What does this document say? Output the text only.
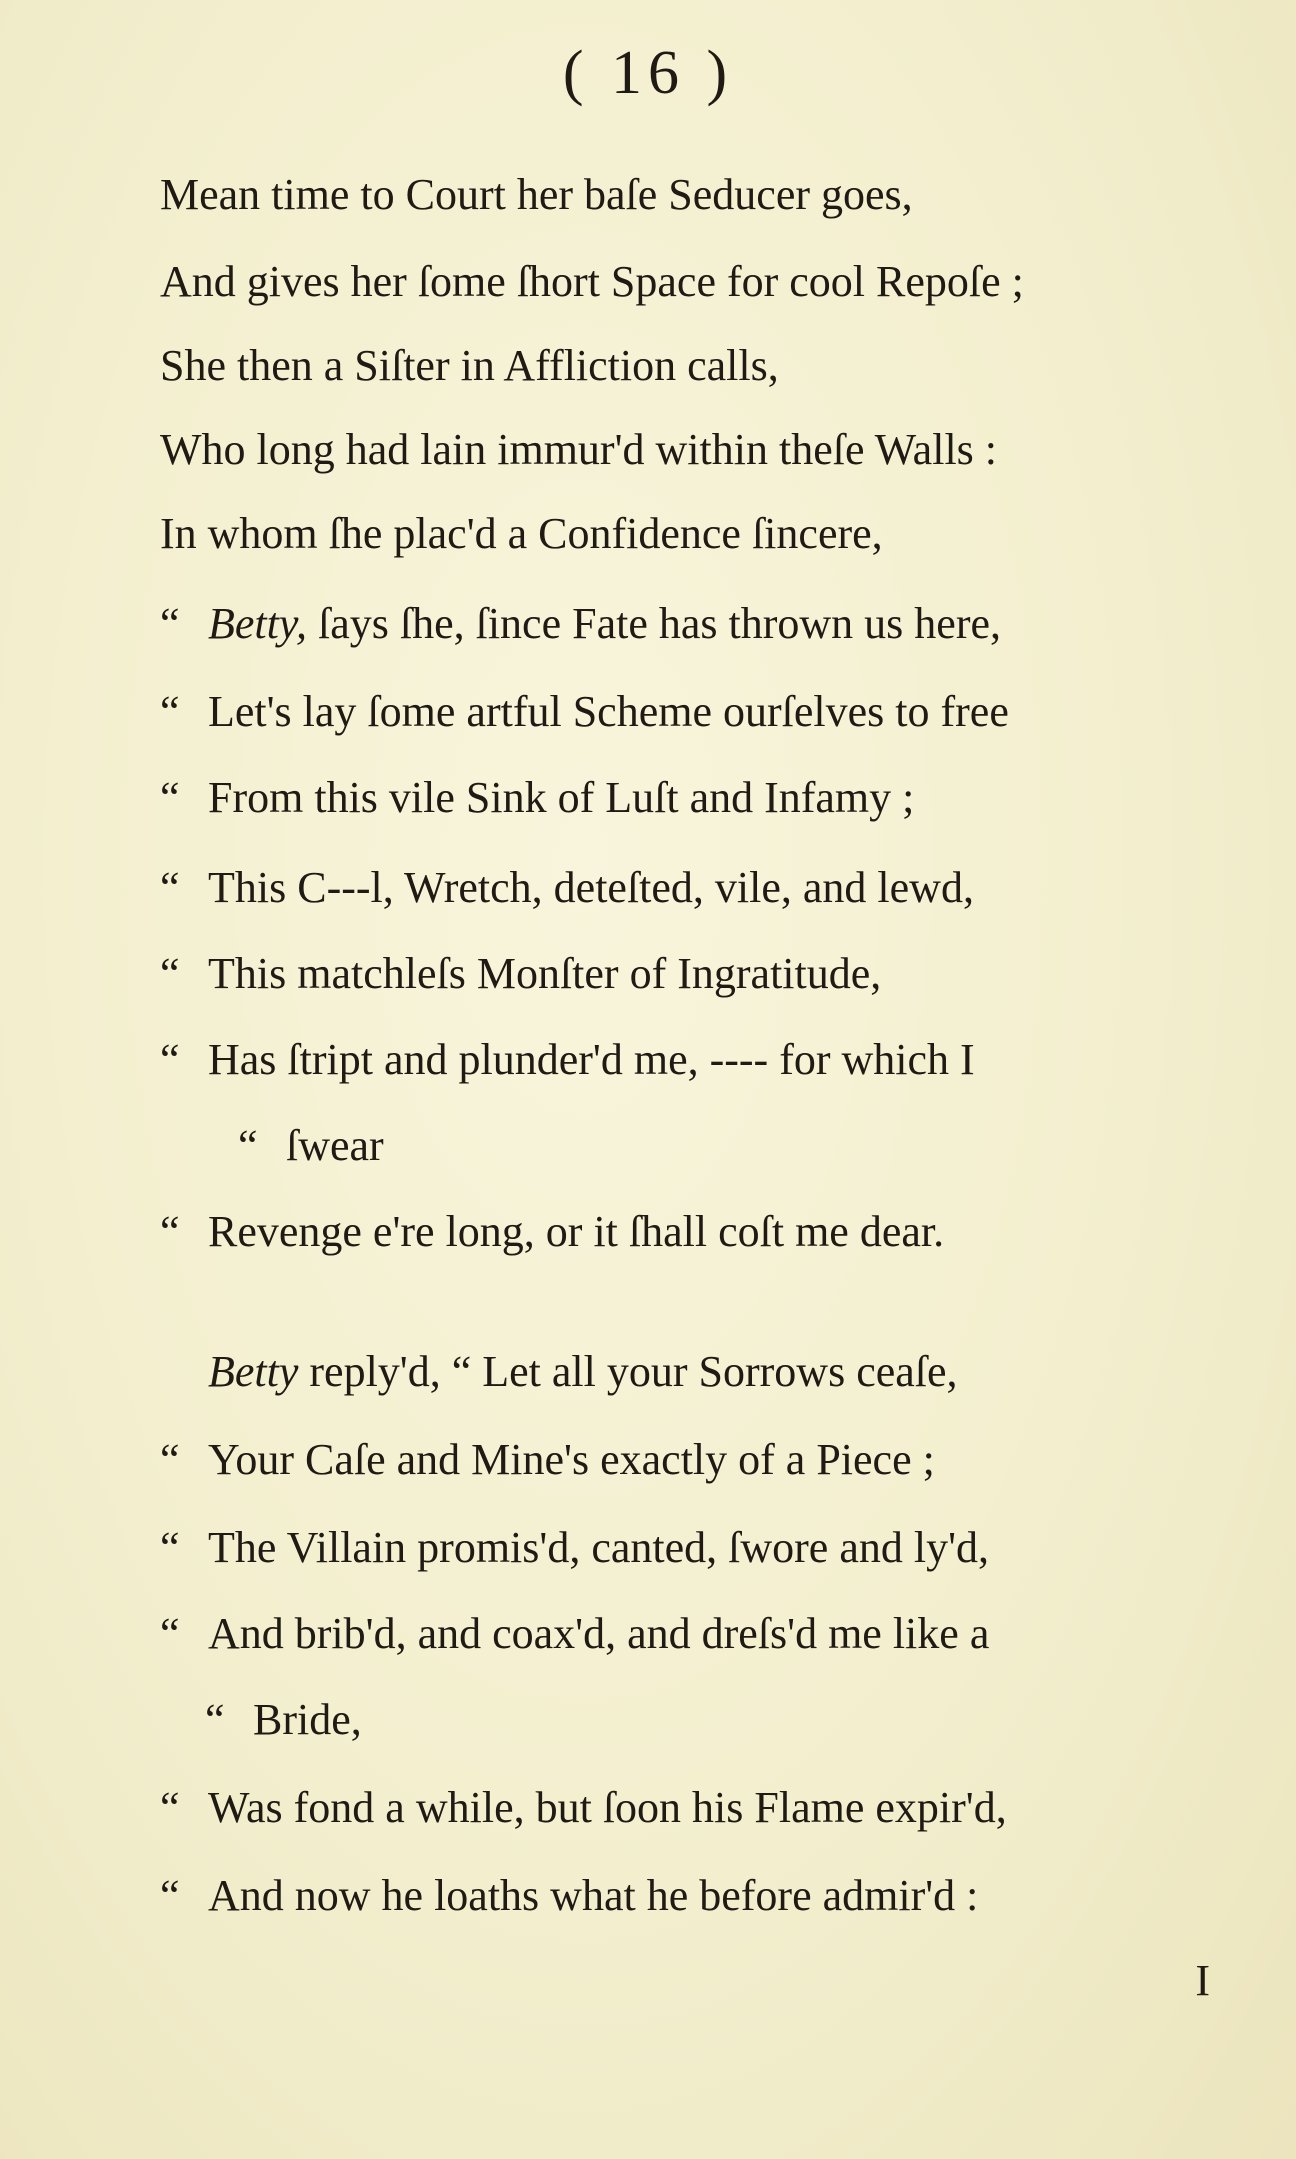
( 16 )
Mean time to Court her baſe Seducer goes,
And gives her ſome ſhort Space for cool Repoſe ;
She then a Siſter in Affliction calls,
Who long had lain immur'd within theſe Walls :
In whom ſhe plac'd a Confidence ſincere,
“ Betty, ſays ſhe, ſince Fate has thrown us here,
“ Let's lay ſome artful Scheme ourſelves to free
“ From this vile Sink of Luſt and Infamy ;
“ This C---l, Wretch, deteſted, vile, and lewd,
“ This matchleſs Monſter of Ingratitude,
“ Has ſtript and plunder'd me, ---- for which I
“ ſwear
“ Revenge e're long, or it ſhall coſt me dear.
Betty reply'd, “ Let all your Sorrows ceaſe,
“ Your Caſe and Mine's exactly of a Piece ;
“ The Villain promis'd, canted, ſwore and ly'd,
“ And brib'd, and coax'd, and dreſs'd me like a
“ Bride,
“ Was fond a while, but ſoon his Flame expir'd,
“ And now he loaths what he before admir'd :
I
